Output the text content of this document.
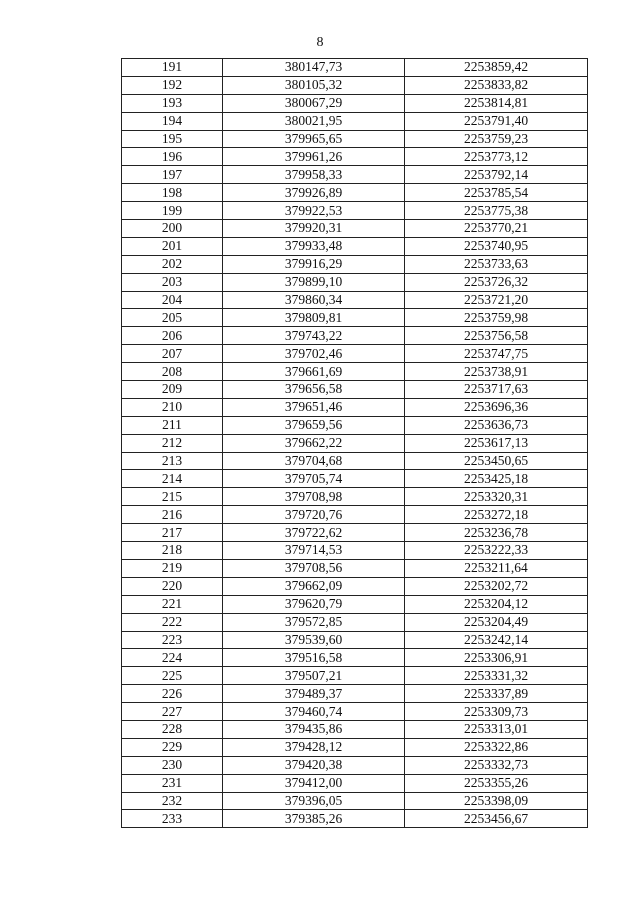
8
191	380147,73	2253859,42
192	380105,32	2253833,82
193	380067,29	2253814,81
194	380021,95	2253791,40
195	379965,65	2253759,23
196	379961,26	2253773,12
197	379958,33	2253792,14
198	379926,89	2253785,54
199	379922,53	2253775,38
200	379920,31	2253770,21
201	379933,48	2253740,95
202	379916,29	2253733,63
203	379899,10	2253726,32
204	379860,34	2253721,20
205	379809,81	2253759,98
206	379743,22	2253756,58
207	379702,46	2253747,75
208	379661,69	2253738,91
209	379656,58	2253717,63
210	379651,46	2253696,36
211	379659,56	2253636,73
212	379662,22	2253617,13
213	379704,68	2253450,65
214	379705,74	2253425,18
215	379708,98	2253320,31
216	379720,76	2253272,18
217	379722,62	2253236,78
218	379714,53	2253222,33
219	379708,56	2253211,64
220	379662,09	2253202,72
221	379620,79	2253204,12
222	379572,85	2253204,49
223	379539,60	2253242,14
224	379516,58	2253306,91
225	379507,21	2253331,32
226	379489,37	2253337,89
227	379460,74	2253309,73
228	379435,86	2253313,01
229	379428,12	2253322,86
230	379420,38	2253332,73
231	379412,00	2253355,26
232	379396,05	2253398,09
233	379385,26	2253456,67
